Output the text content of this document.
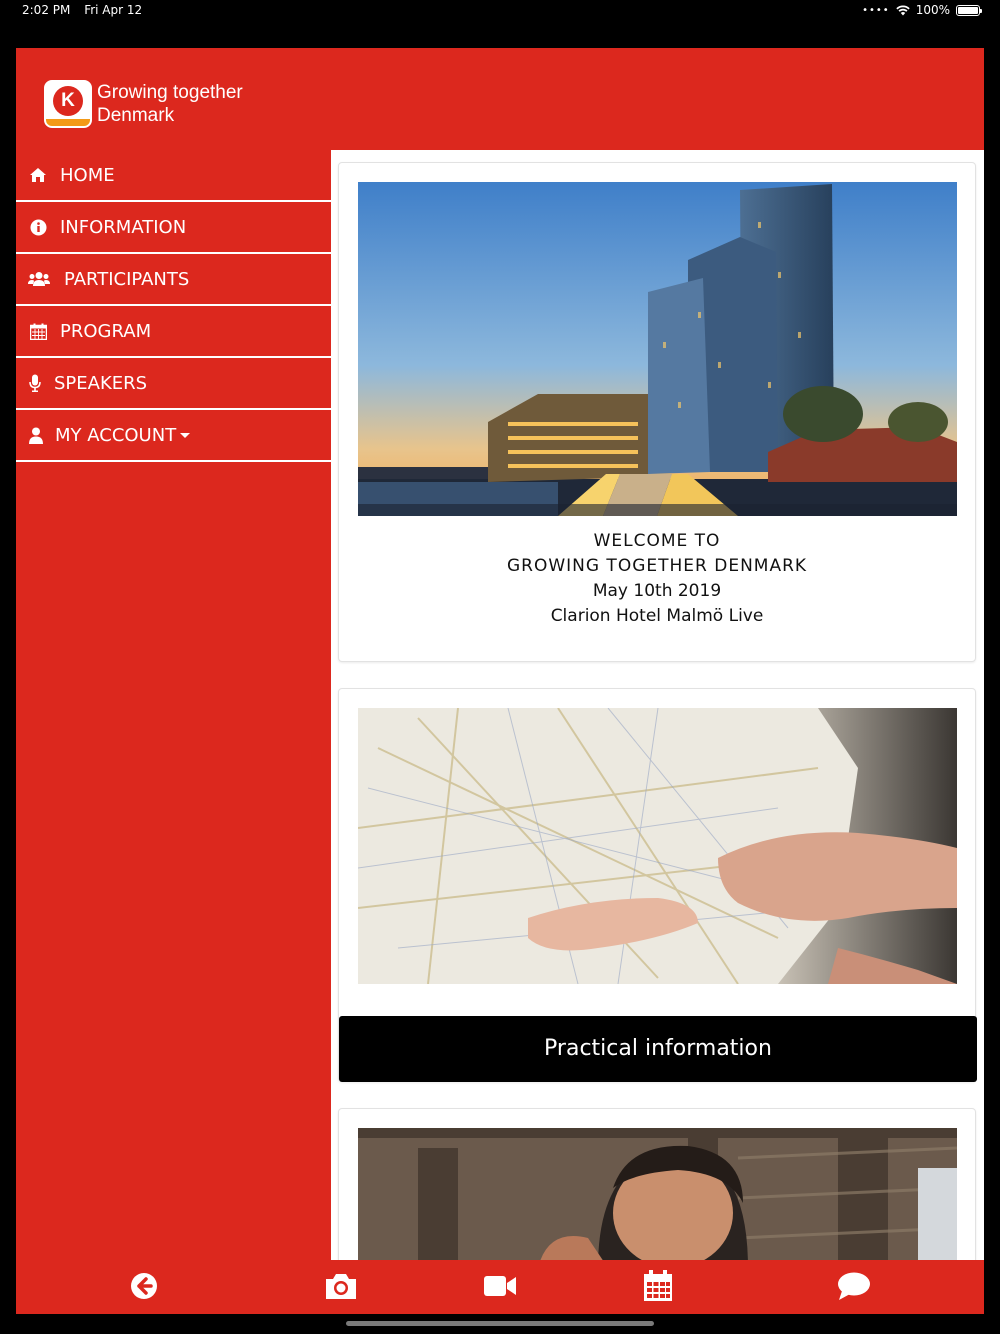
2:02 PM Fri Apr 12	•••• 100%
K	Growing together
Denmark
HOME
INFORMATION
PARTICIPANTS
PROGRAM
SPEAKERS
MY ACCOUNT
WELCOME TO
GROWING TOGETHER DENMARK
May 10th 2019
Clarion Hotel Malmö Live
Practical information
